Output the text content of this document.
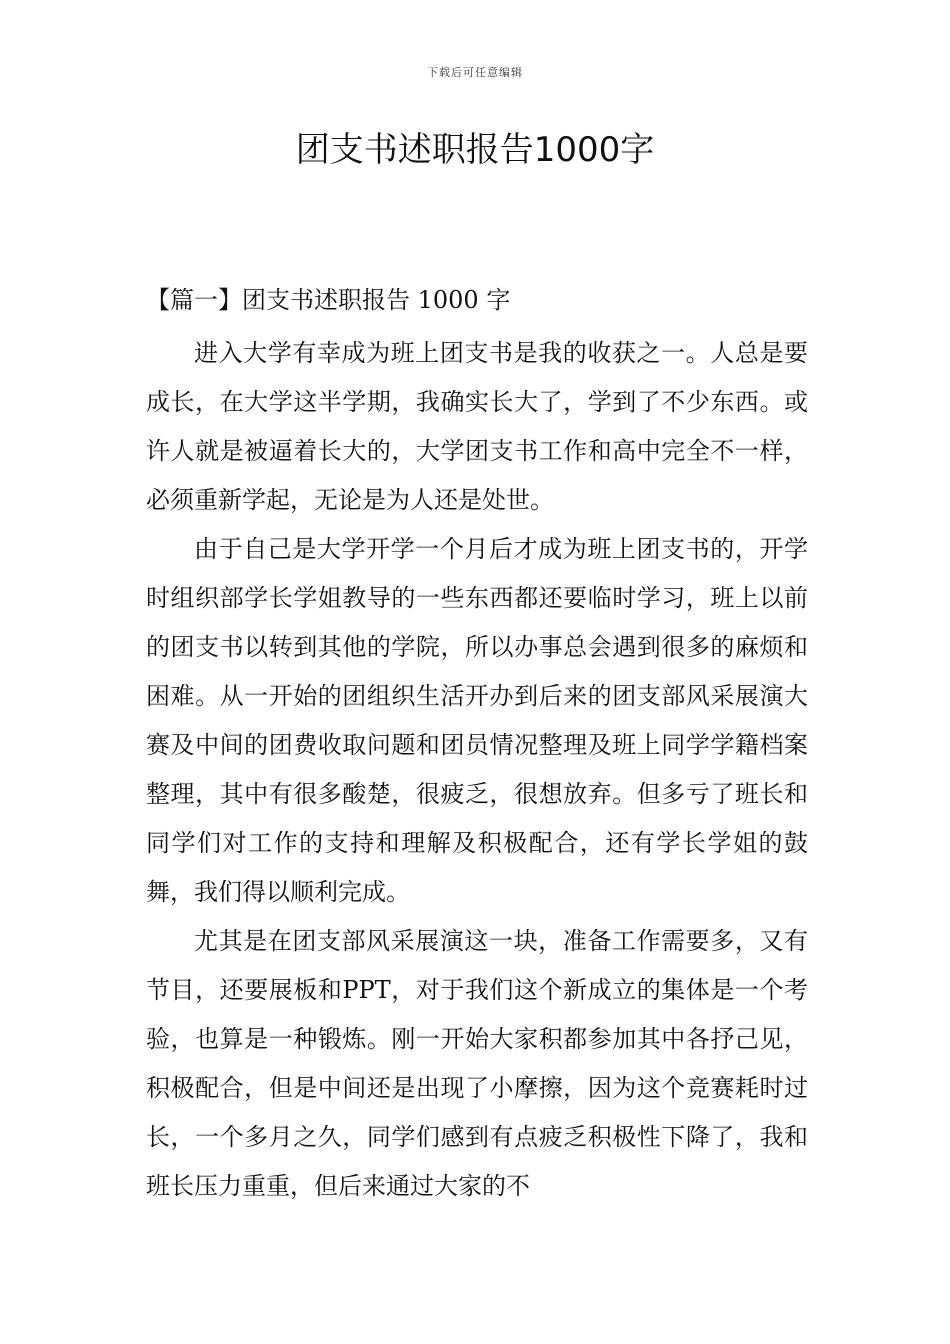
下载后可任意编辑
团支书述职报告1000字

【篇一】团支书述职报告 1000 字

进入大学有幸成为班上团支书是我的收获之一。人总是要成长，在大学这半学期，我确实长大了，学到了不少东西。或许人就是被逼着长大的，大学团支书工作和高中完全不一样，必须重新学起，无论是为人还是处世。

由于自己是大学开学一个月后才成为班上团支书的，开学时组织部学长学姐教导的一些东西都还要临时学习，班上以前的团支书以转到其他的学院，所以办事总会遇到很多的麻烦和困难。从一开始的团组织生活开办到后来的团支部风采展演大赛及中间的团费收取问题和团员情况整理及班上同学学籍档案整理，其中有很多酸楚，很疲乏，很想放弃。但多亏了班长和同学们对工作的支持和理解及积极配合，还有学长学姐的鼓舞，我们得以顺利完成。

尤其是在团支部风采展演这一块，准备工作需要多，又有节目，还要展板和PPT，对于我们这个新成立的集体是一个考验，也算是一种锻炼。刚一开始大家积都参加其中各抒己见，积极配合，但是中间还是出现了小摩擦，因为这个竞赛耗时过长，一个多月之久，同学们感到有点疲乏积极性下降了，我和班长压力重重，但后来通过大家的不
